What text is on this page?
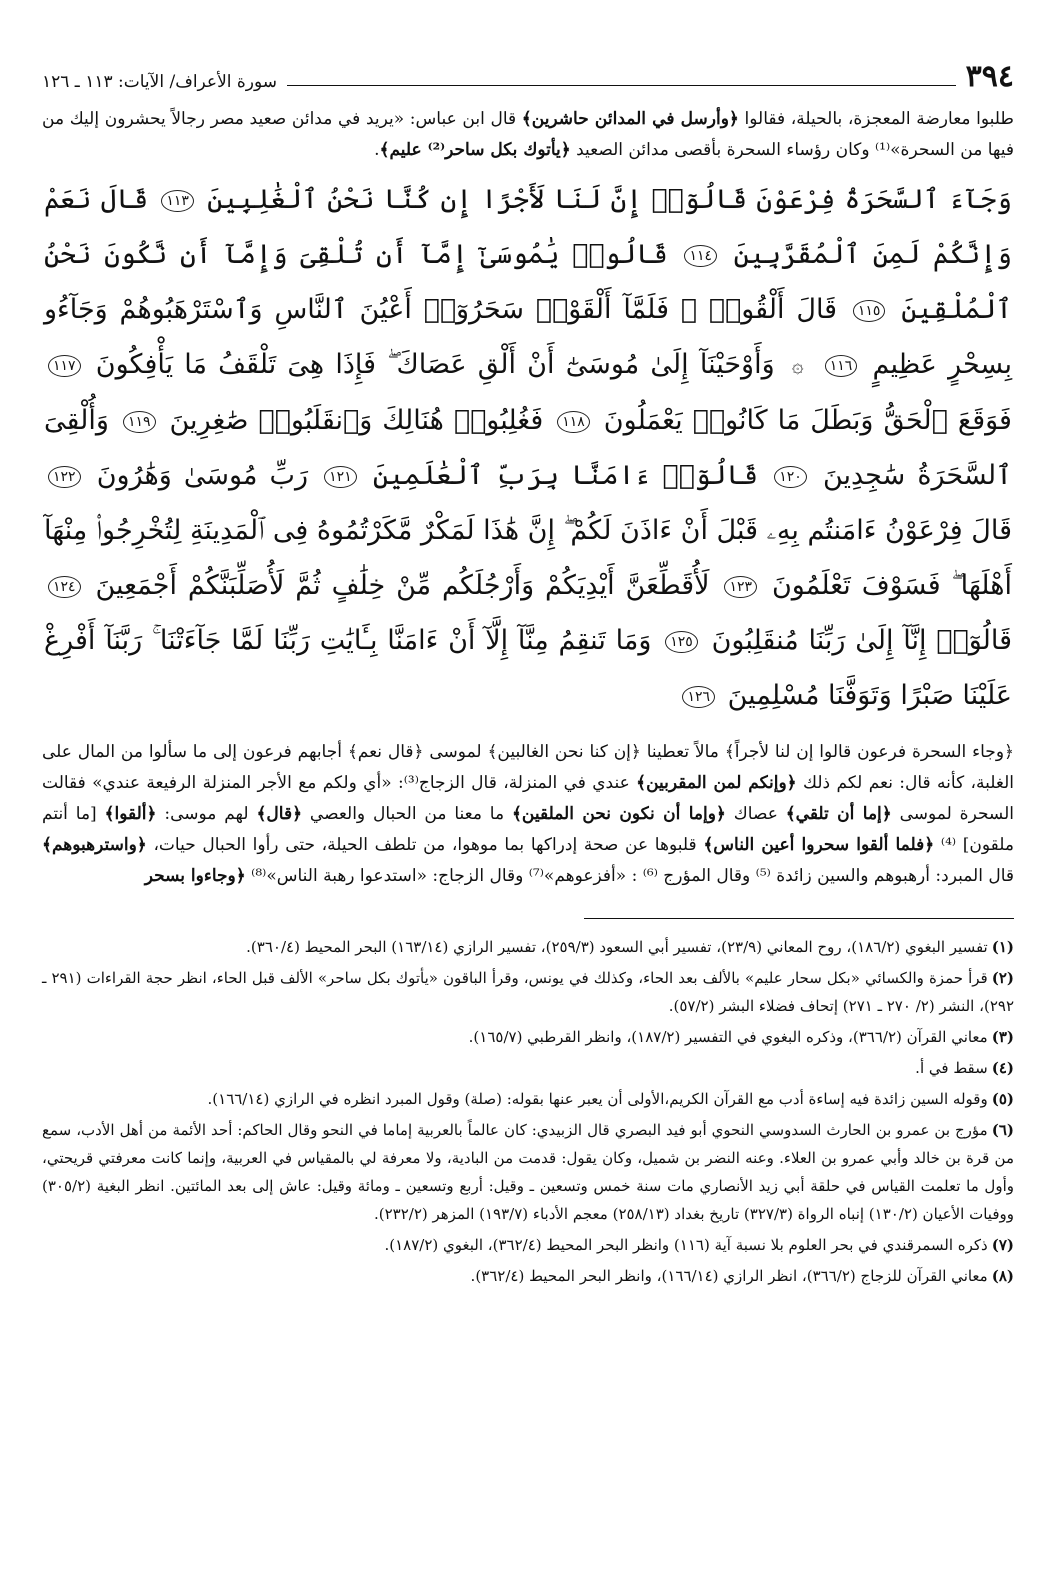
٣٩٤
سورة الأعراف/ الآيات: ١١٣ ـ ١٢٦

طلبوا معارضة المعجزة، بالحيلة، فقالوا ﴿وأرسل في المدائن حاشرين﴾ قال ابن عباس: «يريد في مدائن صعيد مصر رجالاً يحشرون إليك من فيها من السحرة»⁽¹⁾ وكان رؤساء السحرة بأقصى مدائن الصعيد ﴿يأتوك بكل ساحر⁽²⁾ عليم﴾.

وَجَآءَ ٱلسَّحَرَةُ فِرْعَوْنَ قَالُوٓا۟ إِنَّ لَنَا لَأَجْرًا إِن كُنَّا نَحْنُ ٱلْغَٰلِبِينَ ١١٣ قَالَ نَعَمْ وَإِنَّكُمْ لَمِنَ ٱلْمُقَرَّبِينَ ١١٤ قَالُوا۟ يَٰمُوسَىٰٓ إِمَّآ أَن تُلْقِىَ وَإِمَّآ أَن نَّكُونَ نَحْنُ ٱلْمُلْقِينَ ١١٥ قَالَ أَلْقُوا۟ ۖ فَلَمَّآ أَلْقَوْا۟ سَحَرُوٓا۟ أَعْيُنَ ٱلنَّاسِ وَٱسْتَرْهَبُوهُمْ وَجَآءُو بِسِحْرٍ عَظِيمٍ ١١٦ ۞ وَأَوْحَيْنَآ إِلَىٰ مُوسَىٰٓ أَنْ أَلْقِ عَصَاكَ ۖ فَإِذَا هِىَ تَلْقَفُ مَا يَأْفِكُونَ ١١٧ فَوَقَعَ ٱلْحَقُّ وَبَطَلَ مَا كَانُوا۟ يَعْمَلُونَ ١١٨ فَغُلِبُوا۟ هُنَالِكَ وَٱنقَلَبُوا۟ صَٰغِرِينَ ١١٩ وَأُلْقِىَ ٱلسَّحَرَةُ سَٰجِدِينَ ١٢٠ قَالُوٓا۟ ءَامَنَّا بِرَبِّ ٱلْعَٰلَمِينَ ١٢١ رَبِّ مُوسَىٰ وَهَٰرُونَ ١٢٢ قَالَ فِرْعَوْنُ ءَامَنتُم بِهِۦ قَبْلَ أَنْ ءَاذَنَ لَكُمْ ۖ إِنَّ هَٰذَا لَمَكْرٌ مَّكَرْتُمُوهُ فِى ٱلْمَدِينَةِ لِتُخْرِجُوا۟ مِنْهَآ أَهْلَهَا ۖ فَسَوْفَ تَعْلَمُونَ ١٢٣ لَأُقَطِّعَنَّ أَيْدِيَكُمْ وَأَرْجُلَكُم مِّنْ خِلَٰفٍ ثُمَّ لَأُصَلِّبَنَّكُمْ أَجْمَعِينَ ١٢٤ قَالُوٓا۟ إِنَّآ إِلَىٰ رَبِّنَا مُنقَلِبُونَ ١٢٥ وَمَا تَنقِمُ مِنَّآ إِلَّآ أَنْ ءَامَنَّا بِـَٔايَٰتِ رَبِّنَا لَمَّا جَآءَتْنَا ۚ رَبَّنَآ أَفْرِغْ عَلَيْنَا صَبْرًا وَتَوَفَّنَا مُسْلِمِينَ ١٢٦

﴿وجاء السحرة فرعون قالوا إن لنا لأجراً﴾ مالاً تعطينا ﴿إن كنا نحن الغالبين﴾ لموسى ﴿قال نعم﴾ أجابهم فرعون إلى ما سألوا من المال على الغلبة، كأنه قال: نعم لكم ذلك ﴿وإنكم لمن المقربين﴾ عندي في المنزلة، قال الزجاج⁽³⁾: «أي ولكم مع الأجر المنزلة الرفيعة عندي» فقالت السحرة لموسى ﴿إما أن تلقي﴾ عصاك ﴿وإما أن نكون نحن الملقين﴾ ما معنا من الحبال والعصي ﴿قال﴾ لهم موسى: ﴿ألقوا﴾ [ما أنتم ملقون] ⁽⁴⁾ ﴿فلما ألقوا سحروا أعين الناس﴾ قلبوها عن صحة إدراكها بما موهوا، من تلطف الحيلة، حتى رأوا الحبال حيات، ﴿واسترهبوهم﴾ قال المبرد: أرهبوهم والسين زائدة ⁽⁵⁾ وقال المؤرج ⁽⁶⁾ : «أفزعوهم»⁽⁷⁾ وقال الزجاج: «استدعوا رهبة الناس»⁽⁸⁾ ﴿وجاءوا بسحر

(١)تفسير البغوي (١٨٦/٢)، روح المعاني (٢٣/٩)، تفسير أبي السعود (٢٥٩/٣)، تفسير الرازي (١٦٣/١٤) البحر المحيط (٣٦٠/٤).

(٢)قرأ حمزة والكسائي «بكل سحار عليم» بالألف بعد الحاء، وكذلك في يونس، وقرأ الباقون «يأتوك بكل ساحر» الألف قبل الحاء، انظر حجة القراءات (٢٩١ ـ ٢٩٢)، النشر (٢/ ٢٧٠ ـ ٢٧١) إتحاف فضلاء البشر (٥٧/٢).

(٣)معاني القرآن (٣٦٦/٢)، وذكره البغوي في التفسير (١٨٧/٢)، وانظر القرطبي (١٦٥/٧).

(٤)سقط في أ.

(٥)وقوله السين زائدة فيه إساءة أدب مع القرآن الكريم،الأولى أن يعبر عنها بقوله: (صلة) وقول المبرد انظره في الرازي (١٦٦/١٤).

(٦)مؤرج بن عمرو بن الحارث السدوسي النحوي أبو فيد البصري قال الزبيدي: كان عالماً بالعربية إماما في النحو وقال الحاكم: أحد الأئمة من أهل الأدب، سمع من قرة بن خالد وأبي عمرو بن العلاء. وعنه النضر بن شميل، وكان يقول: قدمت من البادية، ولا معرفة لي بالمقياس في العربية، وإنما كانت معرفتي قريحتي، وأول ما تعلمت القياس في حلقة أبي زيد الأنصاري مات سنة خمس وتسعين ـ وقيل: أربع وتسعين ـ ومائة وقيل: عاش إلى بعد المائتين. انظر البغية (٣٠٥/٢) ووفيات الأعيان (١٣٠/٢) إنباه الرواة (٣٢٧/٣) تاريخ بغداد (٢٥٨/١٣) معجم الأدباء (١٩٣/٧) المزهر (٢٣٢/٢).

(٧)ذكره السمرقندي في بحر العلوم بلا نسبة آية (١١٦) وانظر البحر المحيط (٣٦٢/٤)، البغوي (١٨٧/٢).

(٨)معاني القرآن للزجاج (٣٦٦/٢)، انظر الرازي (١٦٦/١٤)، وانظر البحر المحيط (٣٦٢/٤).
